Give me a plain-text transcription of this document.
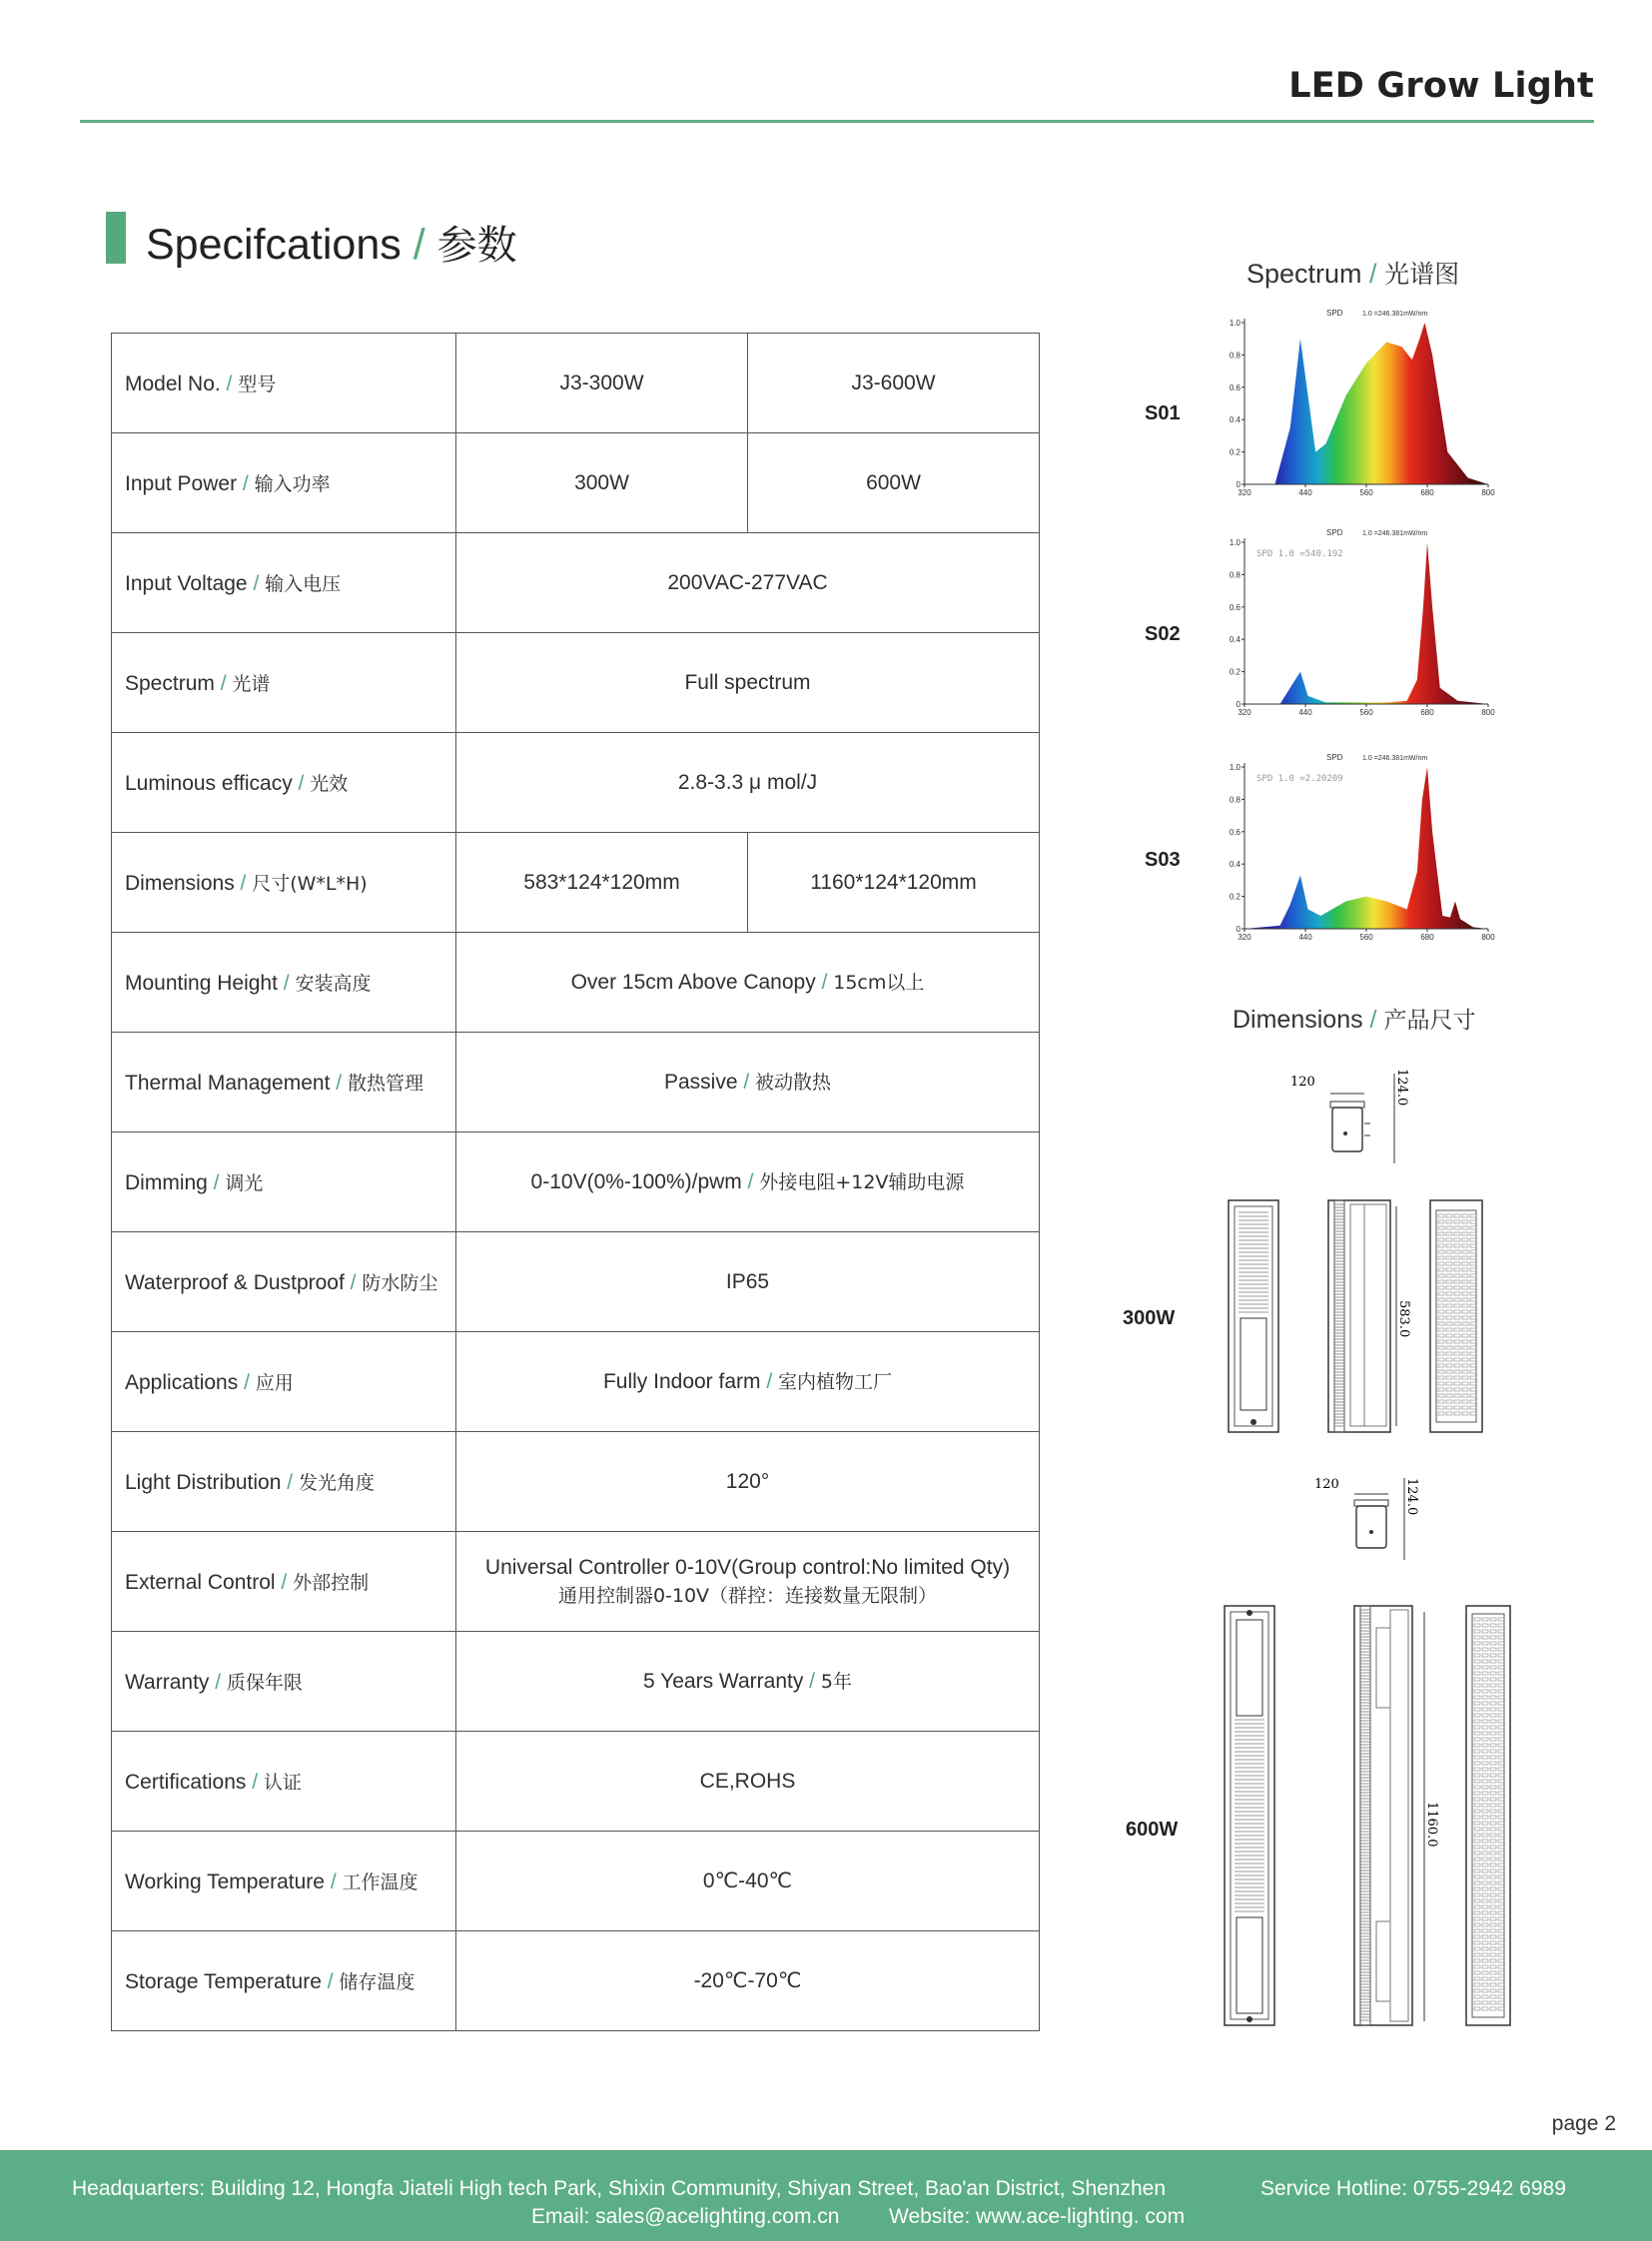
LED Grow Light
Specifcations / 参数
Model No. / 型号	J3-300W	J3-600W
Input Power / 输入功率	300W	600W
Input Voltage / 输入电压	200VAC-277VAC	
Spectrum / 光谱	Full spectrum	
Luminous efficacy / 光效	2.8-3.3 μ mol/J	
Dimensions / 尺寸(W*L*H)	583*124*120mm	1160*124*120mm
Mounting Height / 安装高度	Over 15cm Above Canopy / 15cm以上	
Thermal Management / 散热管理	Passive / 被动散热	
Dimming / 调光	0-10V(0%-100%)/pwm / 外接电阻+12V辅助电源	
Waterproof & Dustproof / 防水防尘	IP65	
Applications / 应用	Fully Indoor farm / 室内植物工厂	
Light Distribution / 发光角度	120°	
External Control / 外部控制	Universal Controller 0-10V(Group control:No limited Qty)
通用控制器0-10V（群控：连接数量无限制）	

Warranty / 质保年限	5 Years Warranty / 5年	
Certifications / 认证	CE,ROHS	
Working Temperature / 工作温度	0℃-40℃	
Storage Temperature / 储存温度	-20℃-70℃	
Spectrum / 光谱图
S01
S02
S03
SPD	1.0 =246.381mW/nm
0
0.2
0.4
0.6
0.8
1.0
320	440	560	680	800
SPD	1.0 =246.381mW/nm
SPD 1.0 =540.192
0
0.2
0.4
0.6
0.8
1.0
320	440	560	680	800
SPD	1.0 =246.381mW/nm
SPD 1.0 =2.20209
0
0.2
0.4
0.6
0.8
1.0
320	440	560	680	800
Dimensions / 产品尺寸
300W
600W
120	124.0
583.0
120	124.0
1160.0
page 2
Headquarters: Building 12, Hongfa Jiateli High tech Park, Shixin Community, Shiyan Street, Bao'an District, Shenzhen	Service Hotline: 0755-2942 6989
Email: sales@acelighting.com.cn Website: www.ace-lighting. com
